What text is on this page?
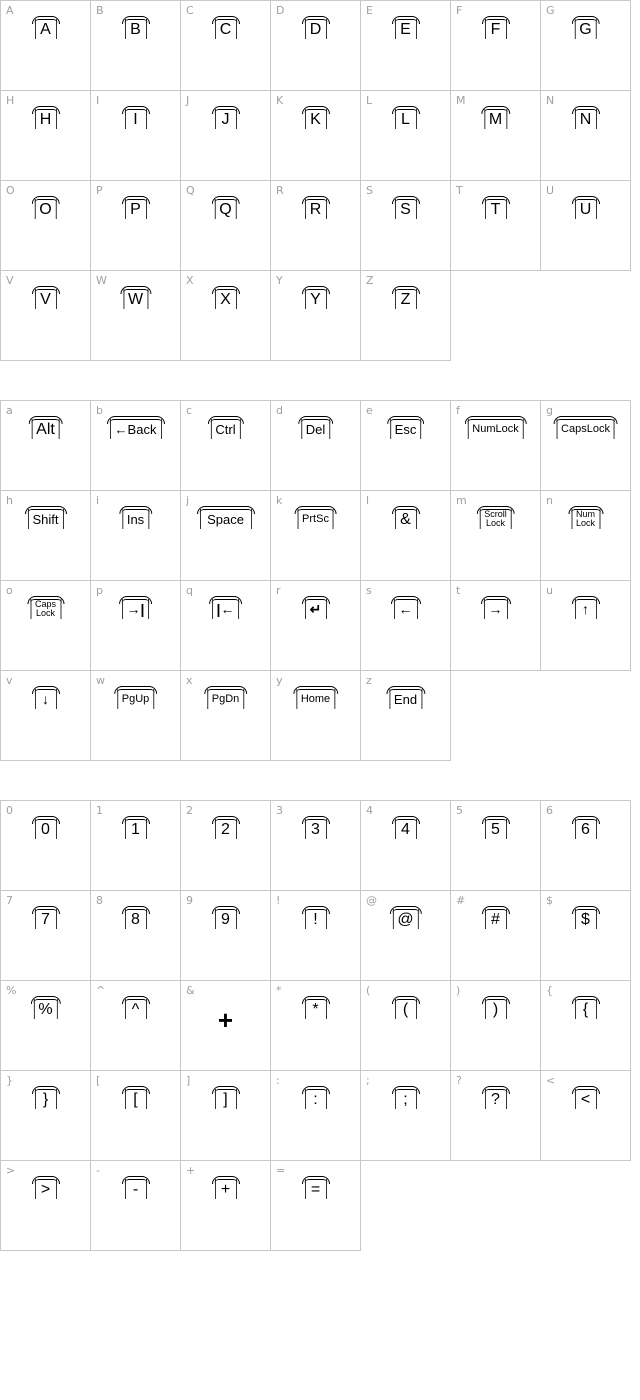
A
A
B
B
C
C
D
D
E
E
F
F
G
G
H
H
I
I
J
J
K
K
L
L
M
M
N
N
O
O
P
P
Q
Q
R
R
S
S
T
T
U
U
V
V
W
W
X
X
Y
Y
Z
Z
a
Alt
b
←Back
c
Ctrl
d
Del
e
Esc
f
NumLock
g
CapsLock
h
Shift
i
Ins
j
Space
k
PrtSc
l
&
m
Scroll
Lock
n
Num
Lock
o
Caps
Lock
p
→|
q
|←
r
↵
s
←
t
→
u
↑
v
↓
w
PgUp
x
PgDn
y
Home
z
End
0
0
1
1
2
2
3
3
4
4
5
5
6
6
7
7
8
8
9
9
!
!
@
@
#
#
$
$
%
%
^
^
&
+
*
*
(
(
)
)
{
{
}
}
[
[
]
]
:
:
;
;
?
?
<
<
>
>
-
-
+
+
=
=
